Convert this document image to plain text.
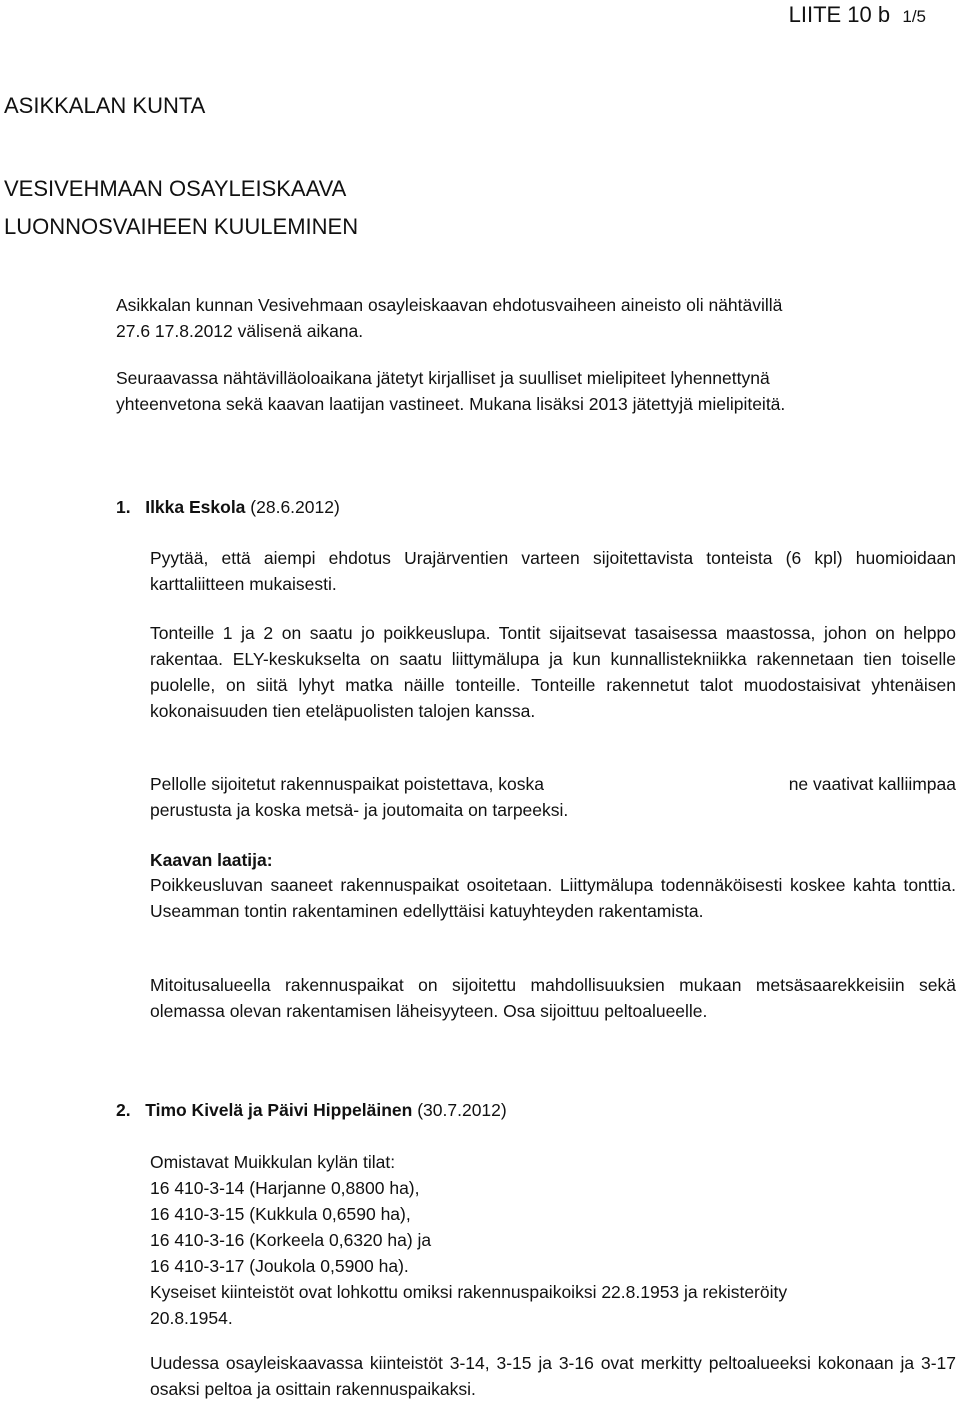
LIITE 10 b 1/5
ASIKKALAN KUNTA
VESIVEHMAAN OSAYLEISKAAVA
LUONNOSVAIHEEN KUULEMINEN

Asikkalan kunnan Vesivehmaan osayleiskaavan ehdotusvaiheen aineisto oli nähtävillä

27.6 17.8.2012 välisenä aikana.

Seuraavassa nähtävilläoloaikana jätetyt kirjalliset ja suulliset mielipiteet lyhennettynä

yhteenvetona sekä kaavan laatijan vastineet. Mukana lisäksi 2013 jätettyjä mielipiteitä.

1. Ilkka Eskola (28.6.2012)
Pyytää, että aiempi ehdotus Urajärventien varteen sijoitettavista tonteista (6 kpl) huomioidaan karttaliitteen mukaisesti.
Tonteille 1 ja 2 on saatu jo poikkeuslupa. Tontit sijaitsevat tasaisessa maastossa, johon on helppo rakentaa. ELY-keskukselta on saatu liittymälupa ja kun kunnallistekniikka rakennetaan tien toiselle puolelle, on siitä lyhyt matka näille tonteille. Tonteille rakennetut talot muodostaisivat yhtenäisen kokonaisuuden tien eteläpuolisten talojen kanssa.
Pellolle sijoitetut rakennuspaikat poistettava, koska	ne vaativat kalliimpaa

perustusta ja koska metsä- ja joutomaita on tarpeeksi.

Kaavan laatija:
Poikkeusluvan saaneet rakennuspaikat osoitetaan. Liittymälupa todennäköisesti koskee kahta tonttia. Useamman tontin rakentaminen edellyttäisi katuyhteyden rakentamista.
Mitoitusalueella rakennuspaikat on sijoitettu mahdollisuuksien mukaan metsäsaarekkeisiin sekä olemassa olevan rakentamisen läheisyyteen. Osa sijoittuu peltoalueelle.
2. Timo Kivelä ja Päivi Hippeläinen (30.7.2012)

Omistavat Muikkulan kylän tilat:

16 410-3-14 (Harjanne 0,8800 ha),

16 410-3-15 (Kukkula 0,6590 ha),

16 410-3-16 (Korkeela 0,6320 ha) ja

16 410-3-17 (Joukola 0,5900 ha).

Kyseiset kiinteistöt ovat lohkottu omiksi rakennuspaikoiksi 22.8.1953 ja rekisteröity

20.8.1954.

Uudessa osayleiskaavassa kiinteistöt 3-14, 3-15 ja 3-16 ovat merkitty peltoalueeksi kokonaan ja 3-17 osaksi peltoa ja osittain rakennuspaikaksi.
